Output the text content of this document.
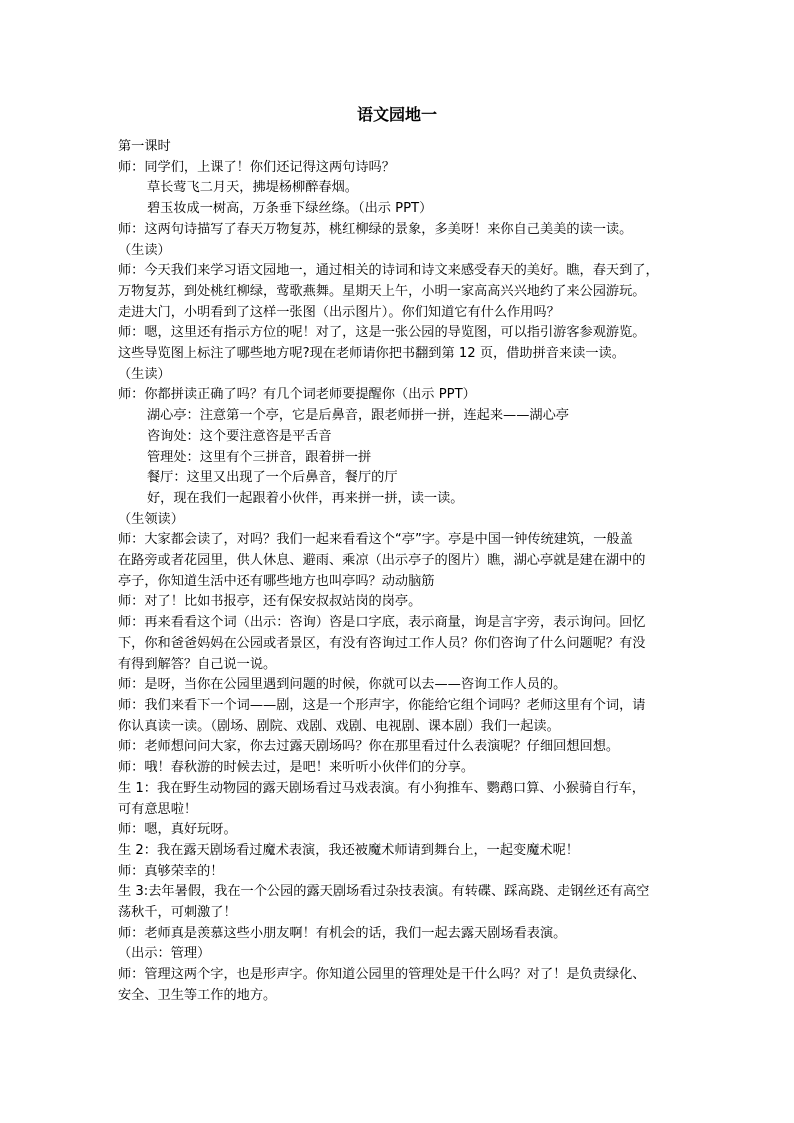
语文园地一

第一课时

师：同学们，上课了！你们还记得这两句诗吗？

草长莺飞二月天，拂堤杨柳醉春烟。

碧玉妆成一树高，万条垂下绿丝绦。（出示 PPT）

师：这两句诗描写了春天万物复苏，桃红柳绿的景象，多美呀！来你自己美美的读一读。

（生读）

师：今天我们来学习语文园地一，通过相关的诗词和诗文来感受春天的美好。瞧，春天到了，

万物复苏，到处桃红柳绿，莺歌燕舞。星期天上午，小明一家高高兴兴地约了来公园游玩。

走进大门，小明看到了这样一张图（出示图片）。你们知道它有什么作用吗？

师：嗯，这里还有指示方位的呢！对了，这是一张公园的导览图，可以指引游客参观游览。

这些导览图上标注了哪些地方呢?现在老师请你把书翻到第 12 页，借助拼音来读一读。

（生读）

师：你都拼读正确了吗？有几个词老师要提醒你（出示 PPT）

湖心亭：注意第一个亭，它是后鼻音，跟老师拼一拼，连起来——湖心亭

咨询处：这个要注意咨是平舌音

管理处：这里有个三拼音，跟着拼一拼

餐厅：这里又出现了一个后鼻音，餐厅的厅

好，现在我们一起跟着小伙伴，再来拼一拼，读一读。

（生领读）

师：大家都会读了，对吗？我们一起来看看这个“亭”字。亭是中国一钟传统建筑，一般盖

在路旁或者花园里，供人休息、避雨、乘凉（出示亭子的图片）瞧，湖心亭就是建在湖中的

亭子，你知道生活中还有哪些地方也叫亭吗？动动脑筋

师：对了！比如书报亭，还有保安叔叔站岗的岗亭。

师：再来看看这个词（出示：咨询）咨是口字底，表示商量，询是言字旁，表示询问。回忆

下，你和爸爸妈妈在公园或者景区，有没有咨询过工作人员？你们咨询了什么问题呢？有没

有得到解答？自己说一说。

师：是呀，当你在公园里遇到问题的时候，你就可以去——咨询工作人员的。

师：我们来看下一个词——剧，这是一个形声字，你能给它组个词吗？老师这里有个词，请

你认真读一读。（剧场、剧院、戏剧、戏剧、电视剧、课本剧）我们一起读。

师：老师想问问大家，你去过露天剧场吗？你在那里看过什么表演呢？仔细回想回想。

师：哦！春秋游的时候去过，是吧！来听听小伙伴们的分享。

生 1：我在野生动物园的露天剧场看过马戏表演。有小狗推车、鹦鹉口算、小猴骑自行车，

可有意思啦！

师：嗯，真好玩呀。

生 2：我在露天剧场看过魔术表演，我还被魔术师请到舞台上，一起变魔术呢！

师：真够荣幸的！

生 3:去年暑假，我在一个公园的露天剧场看过杂技表演。有转碟、踩高跷、走钢丝还有高空

荡秋千，可刺激了！

师：老师真是羡慕这些小朋友啊！有机会的话，我们一起去露天剧场看表演。

（出示：管理）

师：管理这两个字，也是形声字。你知道公园里的管理处是干什么吗？对了！是负责绿化、

安全、卫生等工作的地方。
